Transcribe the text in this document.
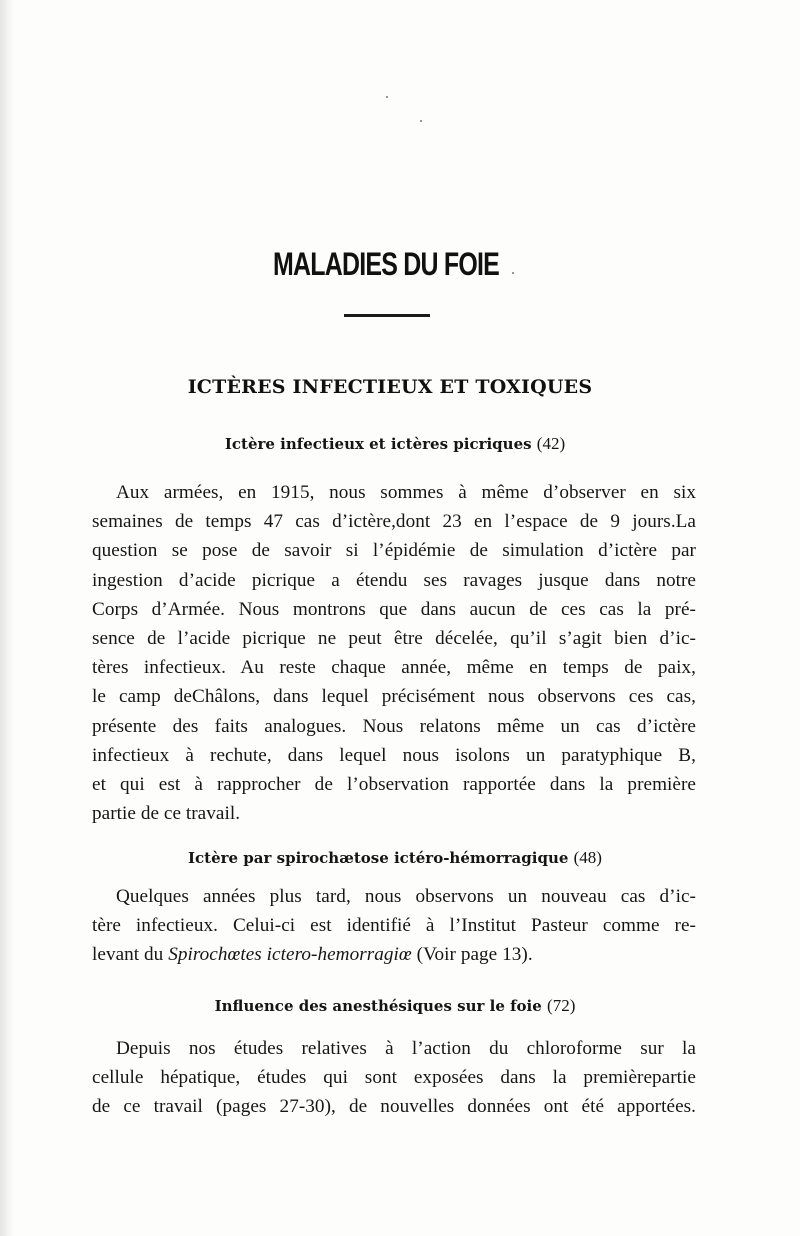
MALADIES DU FOIE
ICTÈRES INFECTIEUX ET TOXIQUES
Ictère infectieux et ictères picriques (42)
Aux armées, en 1915, nous sommes à même d’observer en six
semaines de temps 47 cas d’ictère,dont 23 en l’espace de 9 jours.La
question se pose de savoir si l’épidémie de simulation d’ictère par
ingestion d’acide picrique a étendu ses ravages jusque dans notre
Corps d’Armée. Nous montrons que dans aucun de ces cas la pré-
sence de l’acide picrique ne peut être décelée, qu’il s’agit bien d’ic-
tères infectieux. Au reste chaque année, même en temps de paix,
le camp deChâlons, dans lequel précisément nous observons ces cas,
présente des faits analogues. Nous relatons même un cas d’ictère
infectieux à rechute, dans lequel nous isolons un paratyphique B,
et qui est à rapprocher de l’observation rapportée dans la première
partie de ce travail.
Ictère par spirochætose ictéro-hémorragique (48)
Quelques années plus tard, nous observons un nouveau cas d’ic-
tère infectieux. Celui-ci est identifié à l’Institut Pasteur comme re-
levant du Spirochœtes ictero-hemorragiœ (Voir page 13).
Influence des anesthésiques sur le foie (72)
Depuis nos études relatives à l’action du chloroforme sur la
cellule hépatique, études qui sont exposées dans la premièrepartie
de ce travail (pages 27-30), de nouvelles données ont été apportées.
